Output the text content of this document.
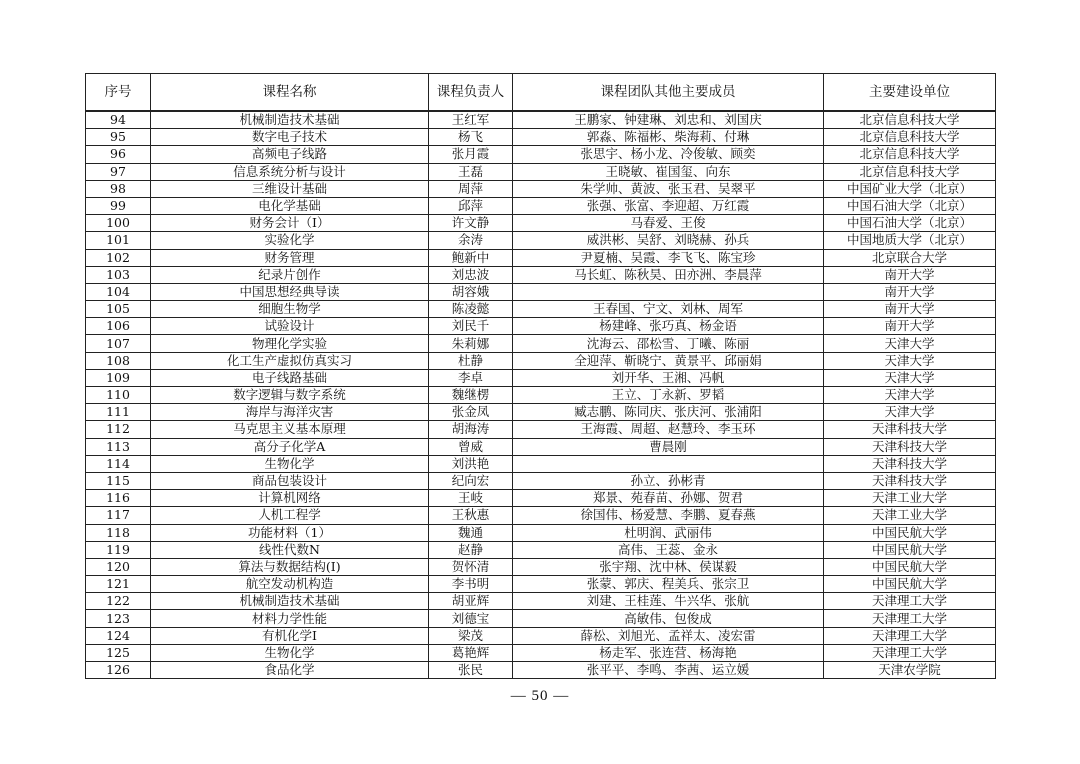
序号	课程名称	课程负责人	课程团队其他主要成员	主要建设单位
94	机械制造技术基础	王红军	王鹏家、钟建琳、刘忠和、刘国庆	北京信息科技大学
95	数字电子技术	杨飞	郭淼、陈福彬、柴海莉、付琳	北京信息科技大学
96	高频电子线路	张月霞	张思宇、杨小龙、冷俊敏、顾奕	北京信息科技大学
97	信息系统分析与设计	王磊	王晓敏、崔国玺、向东	北京信息科技大学
98	三维设计基础	周萍	朱学帅、黄波、张玉君、吴翠平	中国矿业大学（北京）
99	电化学基础	邱萍	张强、张富、李迎超、万红霞	中国石油大学（北京）
100	财务会计（I）	许文静	马春爱、王俊	中国石油大学（北京）
101	实验化学	余涛	威洪彬、吴舒、刘晓赫、孙兵	中国地质大学（北京）
102	财务管理	鲍新中	尹夏楠、吴霞、李飞飞、陈宝珍	北京联合大学
103	纪录片创作	刘忠波	马长虹、陈秋昊、田亦洲、李晨萍	南开大学
104	中国思想经典导读	胡容娥		南开大学
105	细胞生物学	陈凌懿	王春国、宁文、刘林、周军	南开大学
106	试验设计	刘民千	杨建峰、张巧真、杨金语	南开大学
107	物理化学实验	朱莉娜	沈海云、邵松雪、丁曦、陈丽	天津大学
108	化工生产虚拟仿真实习	杜静	全迎萍、靳晓宁、黄景平、邱丽娟	天津大学
109	电子线路基础	李卓	刘开华、王湘、冯帆	天津大学
110	数字逻辑与数字系统	魏继楞	王立、丁永新、罗韬	天津大学
111	海岸与海洋灾害	张金凤	臧志鹏、陈同庆、张庆河、张浦阳	天津大学
112	马克思主义基本原理	胡海涛	王海霞、周超、赵慧玲、李玉环	天津科技大学
113	高分子化学A	曾威	曹晨刚	天津科技大学
114	生物化学	刘洪艳		天津科技大学
115	商品包装设计	纪向宏	孙立、孙彬青	天津科技大学
116	计算机网络	王岐	郑景、苑春苗、孙娜、贺君	天津工业大学
117	人机工程学	王秋惠	徐国伟、杨爱慧、李鹏、夏春燕	天津工业大学
118	功能材料（1）	魏通	杜明润、武丽伟	中国民航大学
119	线性代数N	赵静	高伟、王蕊、金永	中国民航大学
120	算法与数据结构(I)	贺怀清	张宇翔、沈中林、侯谋毅	中国民航大学
121	航空发动机构造	李书明	张蒙、郭庆、程美兵、张宗卫	中国民航大学
122	机械制造技术基础	胡亚辉	刘建、王桂莲、牛兴华、张航	天津理工大学
123	材料力学性能	刘德宝	高敏伟、包俊成	天津理工大学
124	有机化学Ⅰ	梁茂	薛松、刘旭光、孟祥太、凌宏雷	天津理工大学
125	生物化学	葛艳辉	杨走军、张连营、杨海艳	天津理工大学
126	食品化学	张民	张平平、李鸣、李茜、运立媛	天津农学院
— 50 —
